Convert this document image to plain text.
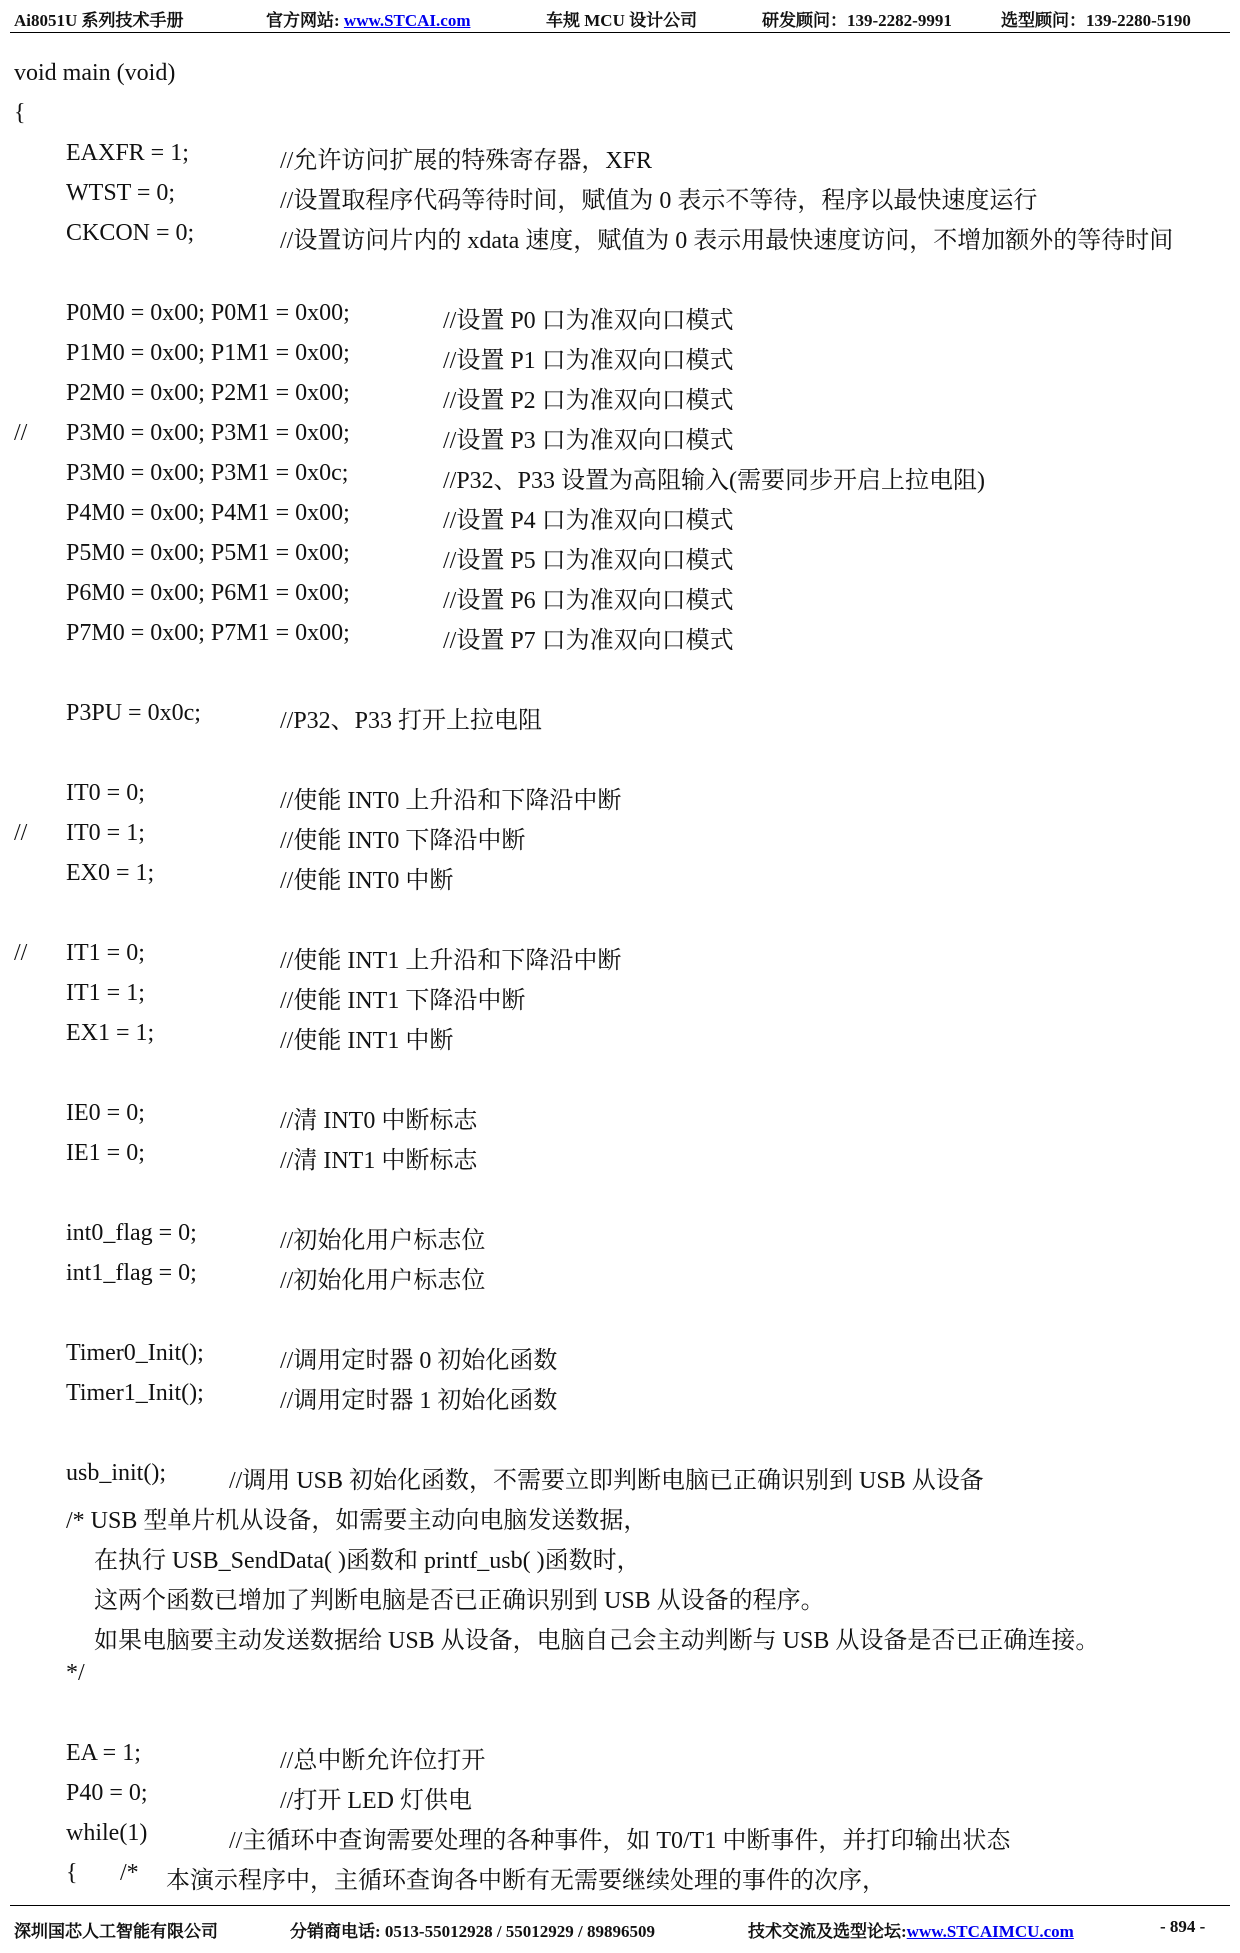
Ai8051U 系列技术手册	官方网站: www.STCAI.com	车规 MCU 设计公司	研发顾问：139-2282-9991	选型顾问：139-2280-5190
void main (void)
{
EAXFR = 1;	//允许访问扩展的特殊寄存器，XFR
WTST = 0;	//设置取程序代码等待时间，赋值为 0 表示不等待，程序以最快速度运行
CKCON = 0;	//设置访问片内的 xdata 速度，赋值为 0 表示用最快速度访问，不增加额外的等待时间
P0M0 = 0x00; P0M1 = 0x00;	//设置 P0 口为准双向口模式
P1M0 = 0x00; P1M1 = 0x00;	//设置 P1 口为准双向口模式
P2M0 = 0x00; P2M1 = 0x00;	//设置 P2 口为准双向口模式
// P3M0 = 0x00; P3M1 = 0x00;	//设置 P3 口为准双向口模式
P3M0 = 0x00; P3M1 = 0x0c;	//P32、P33 设置为高阻输入(需要同步开启上拉电阻)
P4M0 = 0x00; P4M1 = 0x00;	//设置 P4 口为准双向口模式
P5M0 = 0x00; P5M1 = 0x00;	//设置 P5 口为准双向口模式
P6M0 = 0x00; P6M1 = 0x00;	//设置 P6 口为准双向口模式
P7M0 = 0x00; P7M1 = 0x00;	//设置 P7 口为准双向口模式
P3PU = 0x0c;	//P32、P33 打开上拉电阻
IT0 = 0;	//使能 INT0 上升沿和下降沿中断
// IT0 = 1;	//使能 INT0 下降沿中断
EX0 = 1;	//使能 INT0 中断
// IT1 = 0;	//使能 INT1 上升沿和下降沿中断
IT1 = 1;	//使能 INT1 下降沿中断
EX1 = 1;	//使能 INT1 中断
IE0 = 0;	//清 INT0 中断标志
IE1 = 0;	//清 INT1 中断标志
int0_flag = 0;	//初始化用户标志位
int1_flag = 0;	//初始化用户标志位
Timer0_Init();	//调用定时器 0 初始化函数
Timer1_Init();	//调用定时器 1 初始化函数
usb_init();	//调用 USB 初始化函数，不需要立即判断电脑已正确识别到 USB 从设备
/* USB 型单片机从设备，如需要主动向电脑发送数据，
在执行 USB_SendData( )函数和 printf_usb( )函数时，
这两个函数已增加了判断电脑是否已正确识别到 USB 从设备的程序。
如果电脑要主动发送数据给 USB 从设备，电脑自己会主动判断与 USB 从设备是否已正确连接。
*/
EA = 1;	//总中断允许位打开
P40 = 0;	//打开 LED 灯供电
while(1)	//主循环中查询需要处理的各种事件，如 T0/T1 中断事件，并打印输出状态
{ /* 本演示程序中，主循环查询各中断有无需要继续处理的事件的次序，
深圳国芯人工智能有限公司	分销商电话: 0513-55012928 / 55012929 / 89896509	技术交流及选型论坛:www.STCAIMCU.com	- 894 -
